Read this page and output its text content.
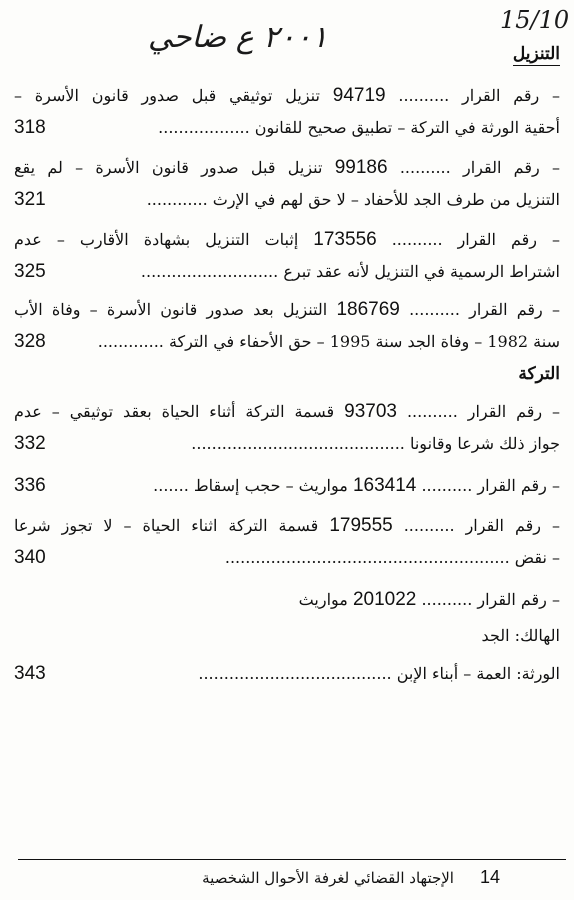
15/10
۲۰۰۱ ع ضاحي	التنزيل
– رقم القرار .......... 94719 تنزيل توثيقي قبل صدور قانون الأسرة –
أحقية الورثة في التركة – تطبيق صحيح للقانون ..................
318
– رقم القرار .......... 99186 تنزيل قبل صدور قانون الأسرة – لم يقع
التنزيل من طرف الجد للأحفاد – لا حق لهم في الإرث ............
321
– رقم القرار .......... 173556 إثبات التنزيل بشهادة الأقارب – عدم
اشتراط الرسمية في التنزيل لأنه عقد تبرع ...........................
325
– رقم القرار .......... 186769 التنزيل بعد صدور قانون الأسرة – وفاة الأب
سنة 1982 – وفاة الجد سنة 1995 – حق الأحفاء في التركة .............
328
التركة
– رقم القرار .......... 93703 قسمة التركة أثناء الحياة بعقد توثيقي – عدم
جواز ذلك شرعا وقانونا ..........................................
332
– رقم القرار .......... 163414 مواريث – حجب إسقاط .......
336
– رقم القرار .......... 179555 قسمة التركة اثناء الحياة – لا تجوز شرعا
– نقض ........................................................
340
– رقم القرار .......... 201022 مواريث
الهالك: الجد
الورثة: العمة – أبناء الإبن ......................................
343
14الإجتهاد القضائي لغرفة الأحوال الشخصية
